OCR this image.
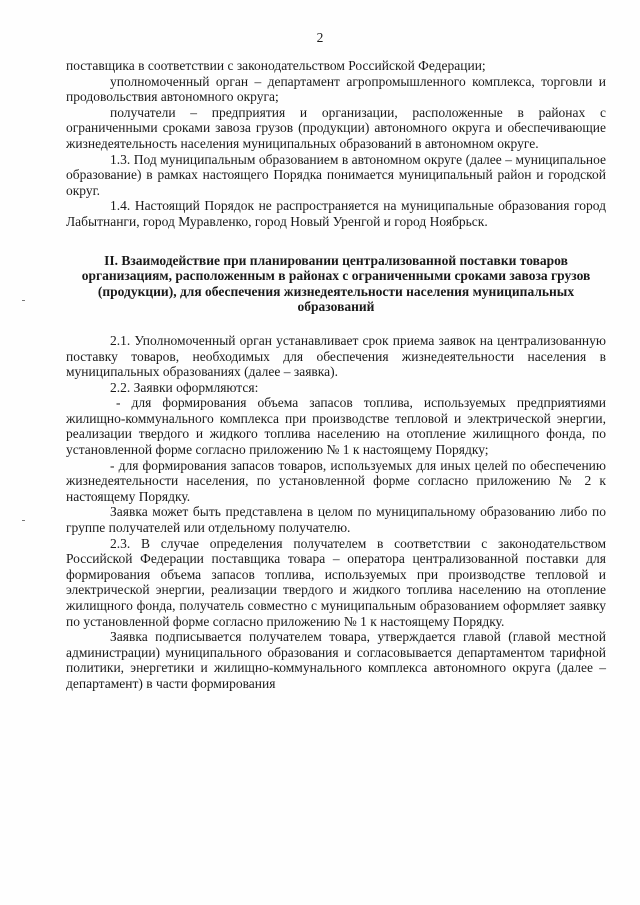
2

поставщика в соответствии с законодательством Российской Федерации;

уполномоченный орган – департамент агропромышленного комплекса, торговли и продовольствия автономного округа;

получатели – предприятия и организации, расположенные в районах с ограниченными сроками завоза грузов (продукции) автономного округа и обеспечивающие жизнедеятельность населения муниципальных образований в автономном округе.

1.3. Под муниципальным образованием в автономном округе (далее – муниципальное образование) в рамках настоящего Порядка понимается муниципальный район и городской округ.

1.4. Настоящий Порядок не распространяется на муниципальные образования город Лабытнанги, город Муравленко, город Новый Уренгой и город Ноябрьск.

II. Взаимодействие при планировании централизованной поставки товаров организациям, расположенным в районах с ограниченными сроками завоза грузов (продукции), для обеспечения жизнедеятельности населения муниципальных образований

2.1. Уполномоченный орган устанавливает срок приема заявок на централизованную поставку товаров, необходимых для обеспечения жизнедеятельности населения в муниципальных образованиях (далее – заявка).

2.2. Заявки оформляются:

- для формирования объема запасов топлива, используемых предприятиями жилищно-коммунального комплекса при производстве тепловой и электрической энергии, реализации твердого и жидкого топлива населению на отопление жилищного фонда, по установленной форме согласно приложению № 1 к настоящему Порядку;

- для формирования запасов товаров, используемых для иных целей по обеспечению жизнедеятельности населения, по установленной форме согласно приложению № 2 к настоящему Порядку.

Заявка может быть представлена в целом по муниципальному образованию либо по группе получателей или отдельному получателю.

2.3. В случае определения получателем в соответствии с законодательством Российской Федерации поставщика товара – оператора централизованной поставки для формирования объема запасов топлива, используемых при производстве тепловой и электрической энергии, реализации твердого и жидкого топлива населению на отопление жилищного фонда, получатель совместно с муниципальным образованием оформляет заявку по установленной форме согласно приложению № 1 к настоящему Порядку.

Заявка подписывается получателем товара, утверждается главой (главой местной администрации) муниципального образования и согласовывается департаментом тарифной политики, энергетики и жилищно-коммунального комплекса автономного округа (далее – департамент) в части формирования
